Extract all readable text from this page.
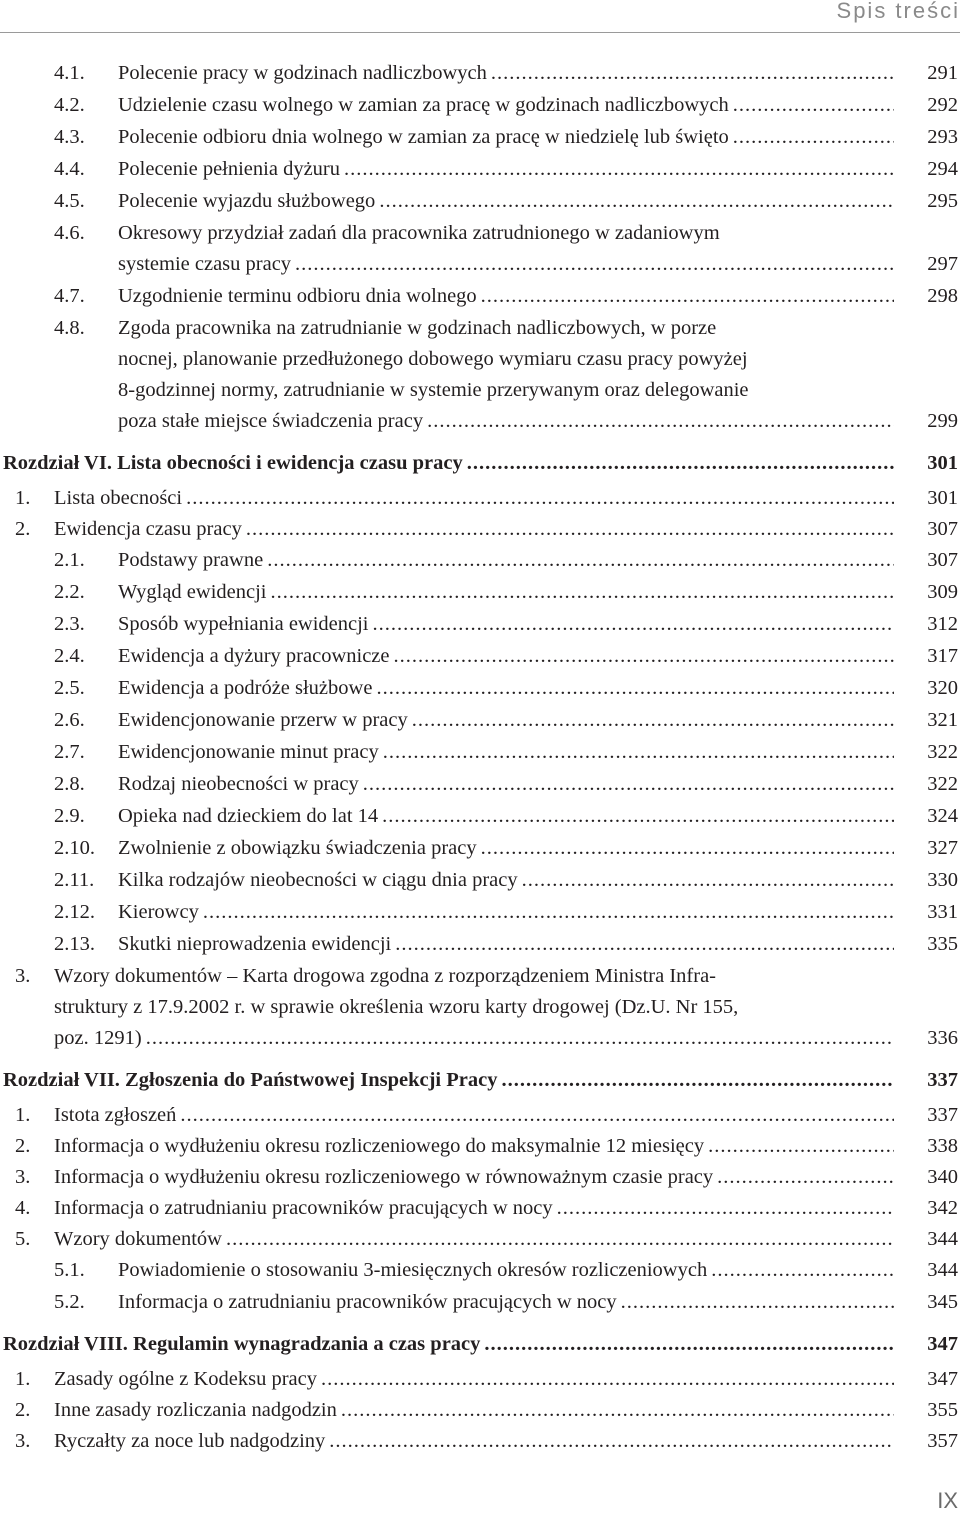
Spis treści
4.1. Polecenie pracy w godzinach nadliczbowych .....	291
4.2. Udzielenie czasu wolnego w zamian za pracę w godzinach nadliczbowych .....	292
4.3. Polecenie odbioru dnia wolnego w zamian za pracę w niedzielę lub święto .....	293
4.4. Polecenie pełnienia dyżuru .....	294
4.5. Polecenie wyjazdu służbowego .....	295
4.6. Okresowy przydział zadań dla pracownika zatrudnionego w zadaniowym
systemie czasu pracy .....	297
4.7. Uzgodnienie terminu odbioru dnia wolnego .....	298
4.8. Zgoda pracownika na zatrudnianie w godzinach nadliczbowych, w porze
nocnej, planowanie przedłużonego dobowego wymiaru czasu pracy powyżej
8-godzinnej normy, zatrudnianie w systemie przerywanym oraz delegowanie
poza stałe miejsce świadczenia pracy .....	299
Rozdział VI. Lista obecności i ewidencja czasu pracy .....	301
1. Lista obecności .....	301
2. Ewidencja czasu pracy .....	307
2.1. Podstawy prawne .....	307
2.2. Wygląd ewidencji .....	309
2.3. Sposób wypełniania ewidencji .....	312
2.4. Ewidencja a dyżury pracownicze .....	317
2.5. Ewidencja a podróże służbowe .....	320
2.6. Ewidencjonowanie przerw w pracy .....	321
2.7. Ewidencjonowanie minut pracy .....	322
2.8. Rodzaj nieobecności w pracy .....	322
2.9. Opieka nad dzieckiem do lat 14 .....	324
2.10. Zwolnienie z obowiązku świadczenia pracy .....	327
2.11. Kilka rodzajów nieobecności w ciągu dnia pracy .....	330
2.12. Kierowcy .....	331
2.13. Skutki nieprowadzenia ewidencji .....	335
3. Wzory dokumentów – Karta drogowa zgodna z rozporządzeniem Ministra Infra-
struktury z 17.9.2002 r. w sprawie określenia wzoru karty drogowej (Dz.U. Nr 155,
poz. 1291) .....	336
Rozdział VII. Zgłoszenia do Państwowej Inspekcji Pracy .....	337
1. Istota zgłoszeń .....	337
2. Informacja o wydłużeniu okresu rozliczeniowego do maksymalnie 12 miesięcy .....	338
3. Informacja o wydłużeniu okresu rozliczeniowego w równoważnym czasie pracy .....	340
4. Informacja o zatrudnianiu pracowników pracujących w nocy .....	342
5. Wzory dokumentów .....	344
5.1. Powiadomienie o stosowaniu 3-miesięcznych okresów rozliczeniowych .....	344
5.2. Informacja o zatrudnianiu pracowników pracujących w nocy .....	345
Rozdział VIII. Regulamin wynagradzania a czas pracy .....	347
1. Zasady ogólne z Kodeksu pracy .....	347
2. Inne zasady rozliczania nadgodzin .....	355
3. Ryczałty za noce lub nadgodziny .....	357
IX
